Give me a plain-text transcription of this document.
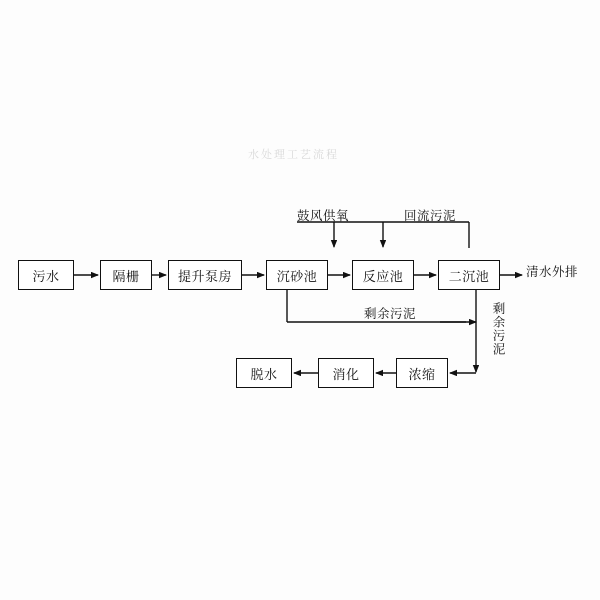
水处理工艺流程
污水	隔栅	提升泵房	沉砂池	反应池	二沉池
浓缩
消化
脱水
鼓风供氧	回流污泥
清水外排
剩余污泥	剩余污泥
